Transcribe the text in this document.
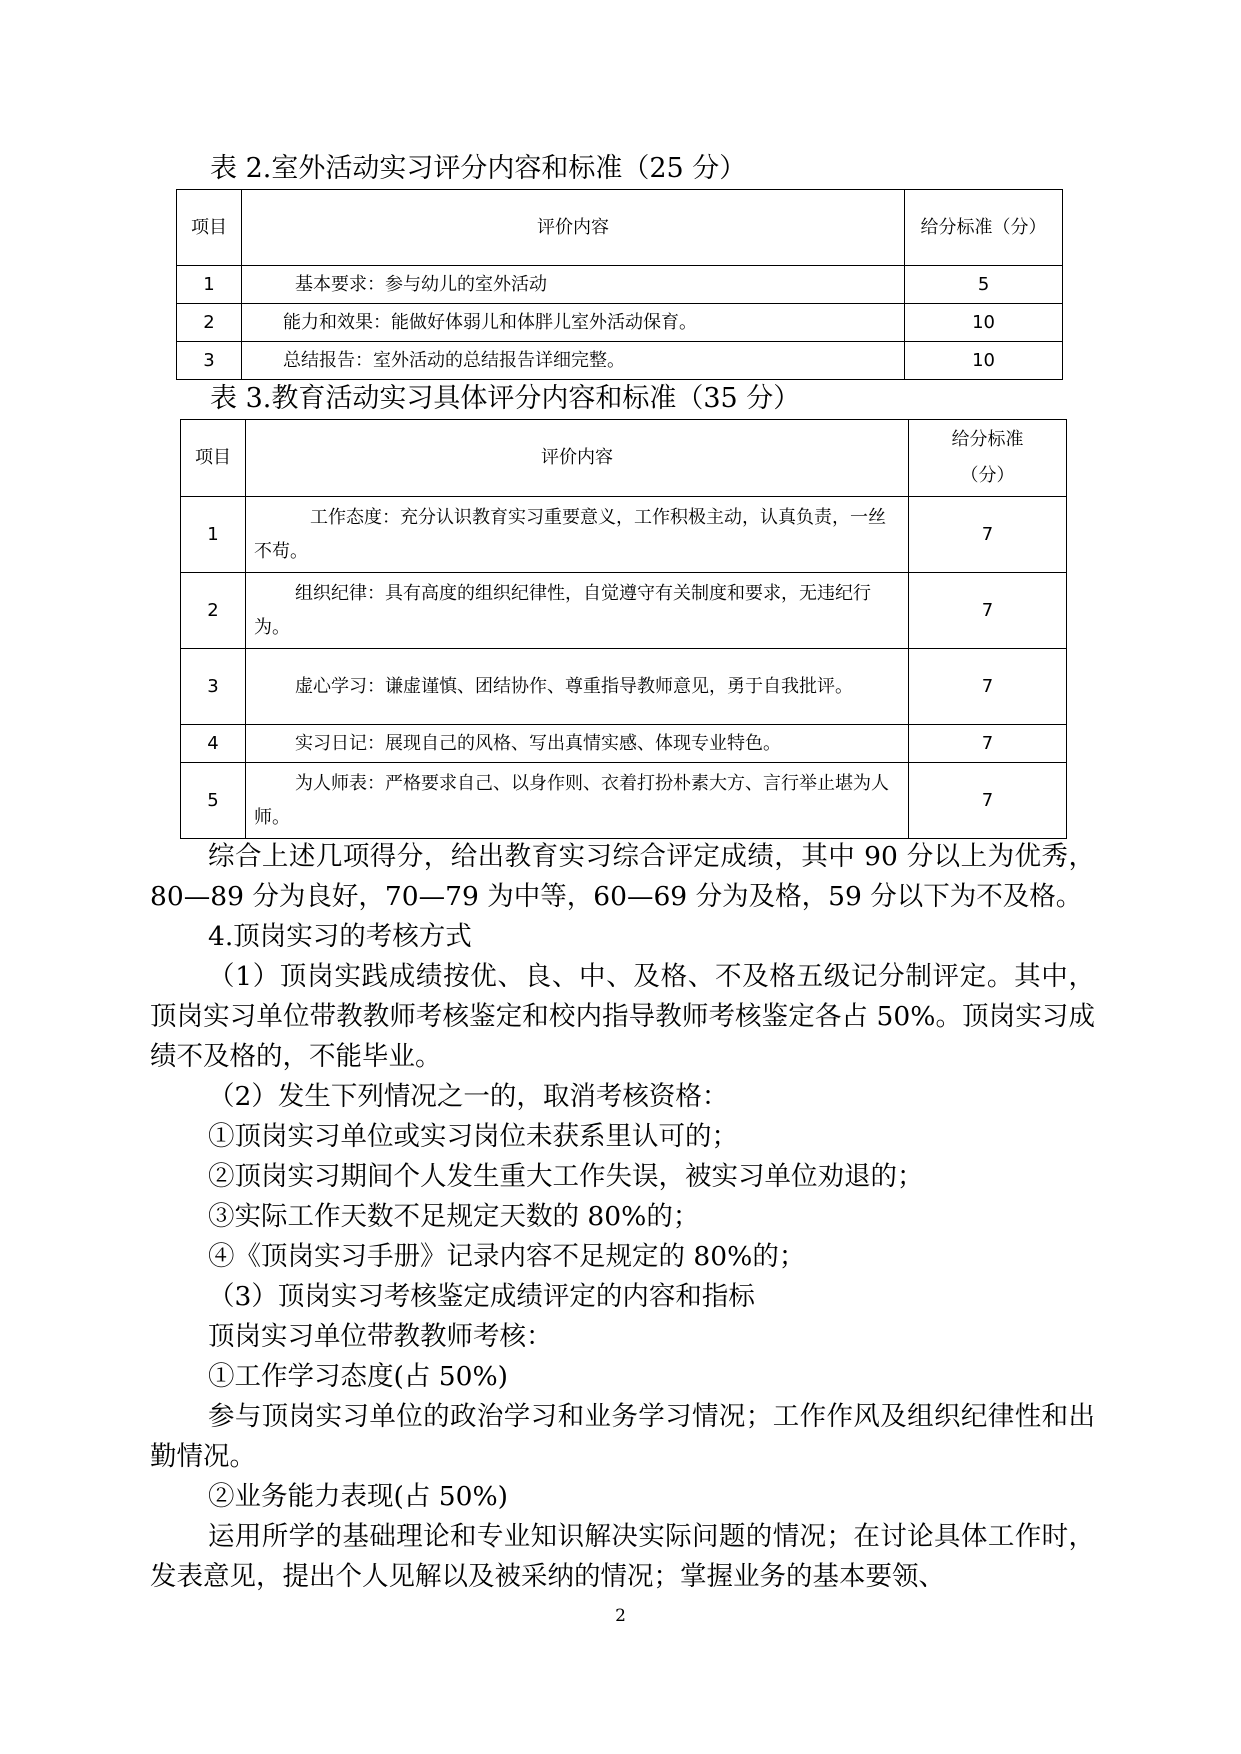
表 2.室外活动实习评分内容和标准（25 分）
项目	评价内容	给分标准（分）
1	基本要求：参与幼儿的室外活动	5
2	能力和效果：能做好体弱儿和体胖儿室外活动保育。	10
3	总结报告：室外活动的总结报告详细完整。	10
表 3.教育活动实习具体评分内容和标准（35 分）
项目	评价内容	给分标准（分）
1	工作态度：充分认识教育实习重要意义，工作积极主动，认真负责，一丝不苟。	7
2	组织纪律：具有高度的组织纪律性，自觉遵守有关制度和要求，无违纪行为。	7
3	虚心学习：谦虚谨慎、团结协作、尊重指导教师意见，勇于自我批评。	7
4	实习日记：展现自己的风格、写出真情实感、体现专业特色。	7
5	为人师表：严格要求自己、以身作则、衣着打扮朴素大方、言行举止堪为人师。	7

综合上述几项得分，给出教育实习综合评定成绩，其中 90 分以上为优秀，80—89 分为良好，70—79 为中等，60—69 分为及格，59 分以下为不及格。

4.顶岗实习的考核方式

（1）顶岗实践成绩按优、良、中、及格、不及格五级记分制评定。其中，顶岗实习单位带教教师考核鉴定和校内指导教师考核鉴定各占 50%。顶岗实习成绩不及格的，不能毕业。

（2）发生下列情况之一的，取消考核资格：

①顶岗实习单位或实习岗位未获系里认可的；

②顶岗实习期间个人发生重大工作失误，被实习单位劝退的；

③实际工作天数不足规定天数的 80%的；

④《顶岗实习手册》记录内容不足规定的 80%的；

（3）顶岗实习考核鉴定成绩评定的内容和指标

顶岗实习单位带教教师考核：

①工作学习态度(占 50%)

参与顶岗实习单位的政治学习和业务学习情况；工作作风及组织纪律性和出勤情况。

②业务能力表现(占 50%)

运用所学的基础理论和专业知识解决实际问题的情况；在讨论具体工作时，发表意见，提出个人见解以及被采纳的情况；掌握业务的基本要领、

2
